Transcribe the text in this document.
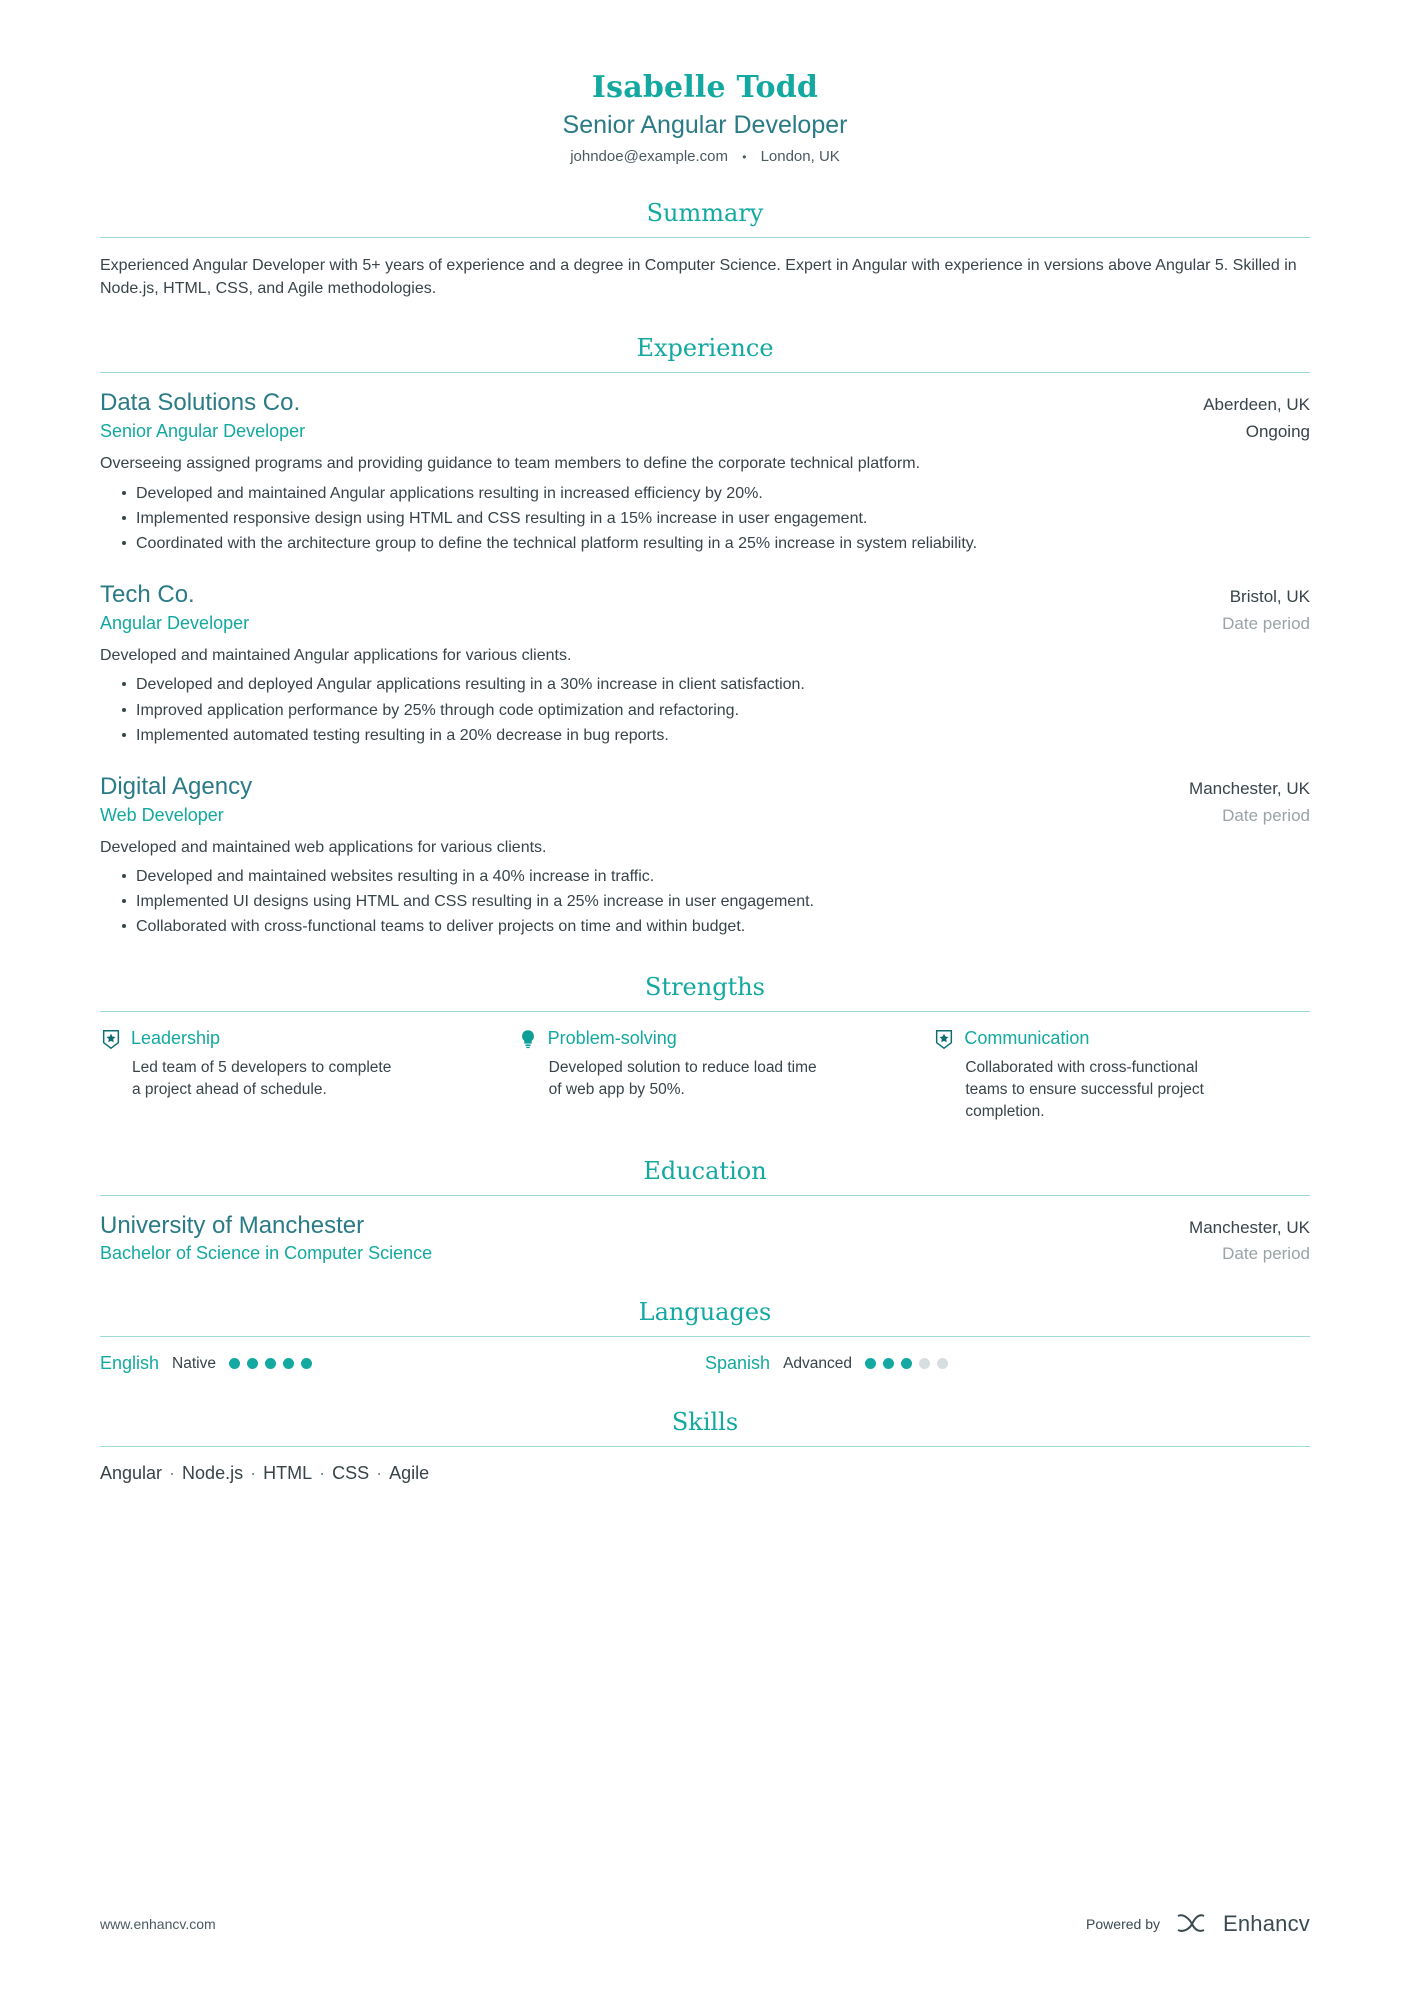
Isabelle Todd
Senior Angular Developer
johndoe@example.com • London, UK
Summary

Experienced Angular Developer with 5+ years of experience and a degree in Computer Science. Expert in Angular with experience in versions above Angular 5. Skilled in Node.js, HTML, CSS, and Agile methodologies.

Experience
Data Solutions Co.	Aberdeen, UK
Senior Angular Developer	Ongoing
Overseeing assigned programs and providing guidance to team members to define the corporate technical platform.
Developed and maintained Angular applications resulting in increased efficiency by 20%.
Implemented responsive design using HTML and CSS resulting in a 15% increase in user engagement.
Coordinated with the architecture group to define the technical platform resulting in a 25% increase in system reliability.
Tech Co.	Bristol, UK
Angular Developer	Date period
Developed and maintained Angular applications for various clients.
Developed and deployed Angular applications resulting in a 30% increase in client satisfaction.
Improved application performance by 25% through code optimization and refactoring.
Implemented automated testing resulting in a 20% decrease in bug reports.
Digital Agency	Manchester, UK
Web Developer	Date period
Developed and maintained web applications for various clients.
Developed and maintained websites resulting in a 40% increase in traffic.
Implemented UI designs using HTML and CSS resulting in a 25% increase in user engagement.
Collaborated with cross-functional teams to deliver projects on time and within budget.
Strengths
Leadership
Led team of 5 developers to complete a project ahead of schedule.
Problem-solving
Developed solution to reduce load time of web app by 50%.
Communication
Collaborated with cross-functional teams to ensure successful project completion.
Education
University of Manchester	Manchester, UK
Bachelor of Science in Computer Science	Date period
Languages
English Native	Spanish Advanced
Skills
Angular · Node.js · HTML · CSS · Agile
www.enhancv.com	Powered by	Enhancv
